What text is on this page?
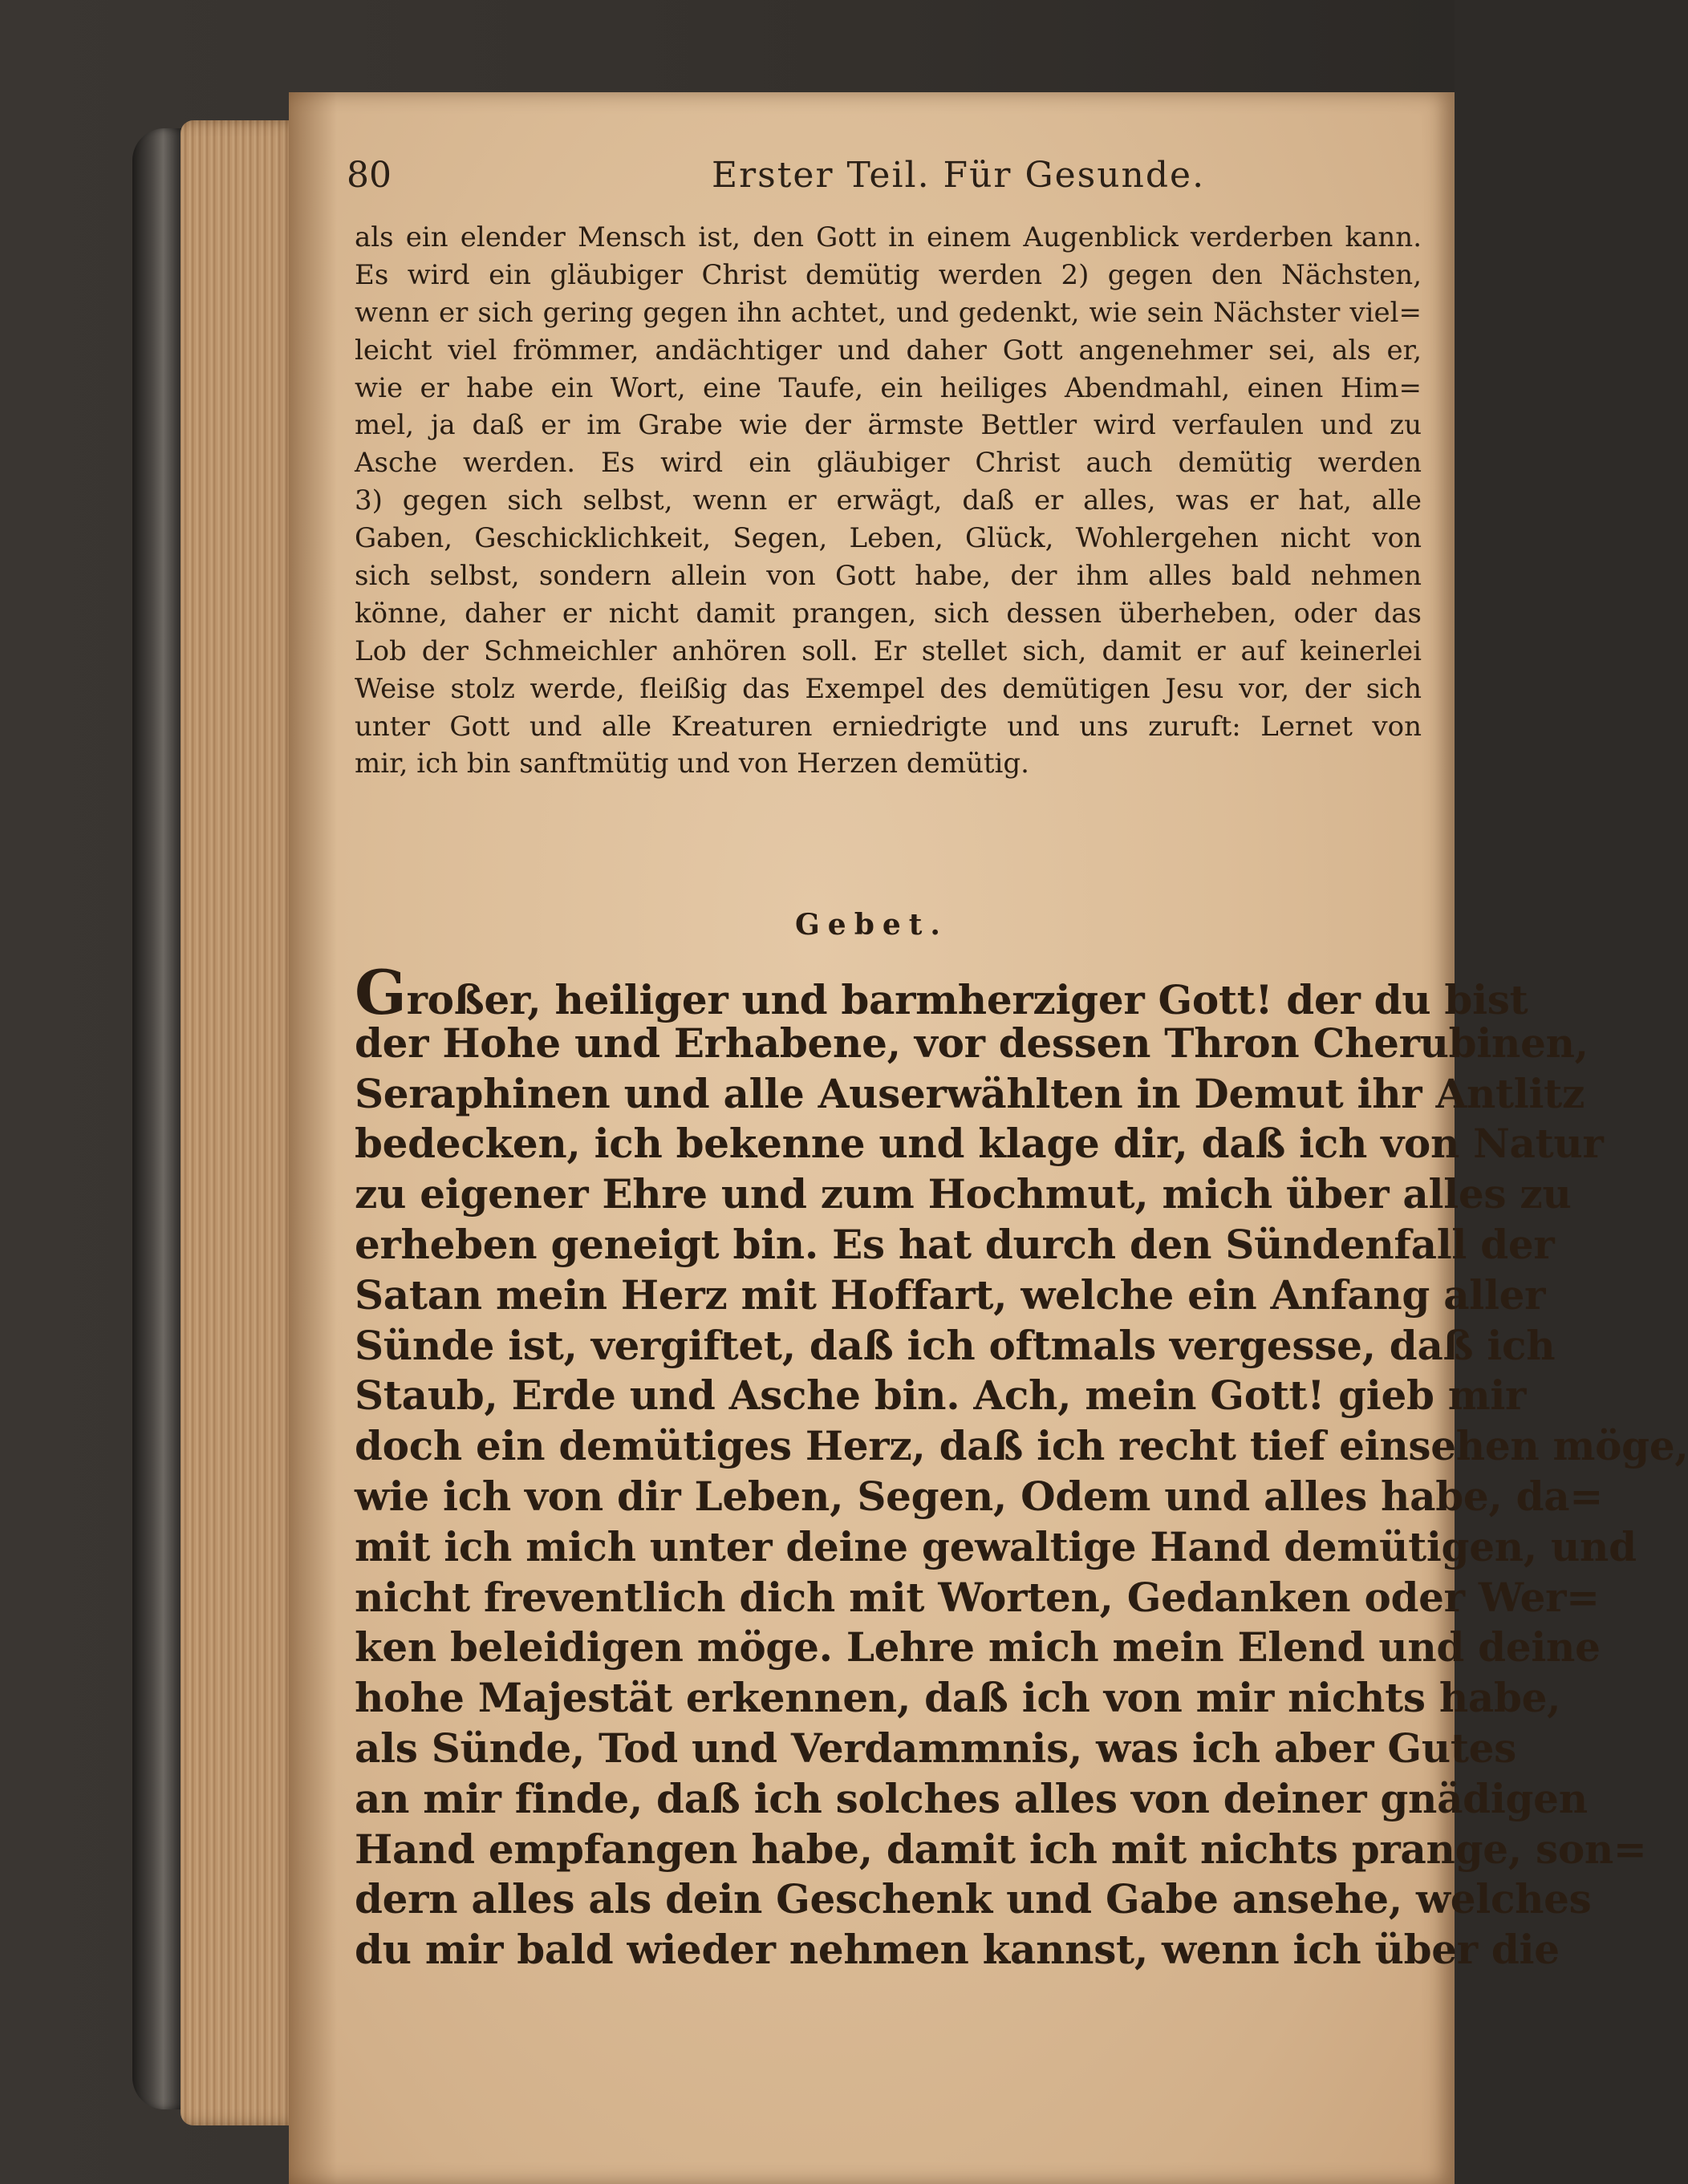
80	Erster Teil. Für Gesunde.
als ein elender Mensch ist, den Gott in einem Augenblick verderben kann.
Es wird ein gläubiger Christ demütig werden 2) gegen den Nächsten,
wenn er sich gering gegen ihn achtet, und gedenkt, wie sein Nächster viel=
leicht viel frömmer, andächtiger und daher Gott angenehmer sei, als er,
wie er habe ein Wort, eine Taufe, ein heiliges Abendmahl, einen Him=
mel, ja daß er im Grabe wie der ärmste Bettler wird verfaulen und zu
Asche werden. Es wird ein gläubiger Christ auch demütig werden
3) gegen sich selbst, wenn er erwägt, daß er alles, was er hat, alle
Gaben, Geschicklichkeit, Segen, Leben, Glück, Wohlergehen nicht von
sich selbst, sondern allein von Gott habe, der ihm alles bald nehmen
könne, daher er nicht damit prangen, sich dessen überheben, oder das
Lob der Schmeichler anhören soll. Er stellet sich, damit er auf keinerlei
Weise stolz werde, fleißig das Exempel des demütigen Jesu vor, der sich
unter Gott und alle Kreaturen erniedrigte und uns zuruft: Lernet von
mir, ich bin sanftmütig und von Herzen demütig.
Gebet.
Großer, heiliger und barmherziger Gott! der du bist
der Hohe und Erhabene, vor dessen Thron Cherubinen,
Seraphinen und alle Auserwählten in Demut ihr Antlitz
bedecken, ich bekenne und klage dir, daß ich von Natur
zu eigener Ehre und zum Hochmut, mich über alles zu
erheben geneigt bin. Es hat durch den Sündenfall der
Satan mein Herz mit Hoffart, welche ein Anfang aller
Sünde ist, vergiftet, daß ich oftmals vergesse, daß ich
Staub, Erde und Asche bin. Ach, mein Gott! gieb mir
doch ein demütiges Herz, daß ich recht tief einsehen möge,
wie ich von dir Leben, Segen, Odem und alles habe, da=
mit ich mich unter deine gewaltige Hand demütigen, und
nicht freventlich dich mit Worten, Gedanken oder Wer=
ken beleidigen möge. Lehre mich mein Elend und deine
hohe Majestät erkennen, daß ich von mir nichts habe,
als Sünde, Tod und Verdammnis, was ich aber Gutes
an mir finde, daß ich solches alles von deiner gnädigen
Hand empfangen habe, damit ich mit nichts prange, son=
dern alles als dein Geschenk und Gabe ansehe, welches
du mir bald wieder nehmen kannst, wenn ich über die
